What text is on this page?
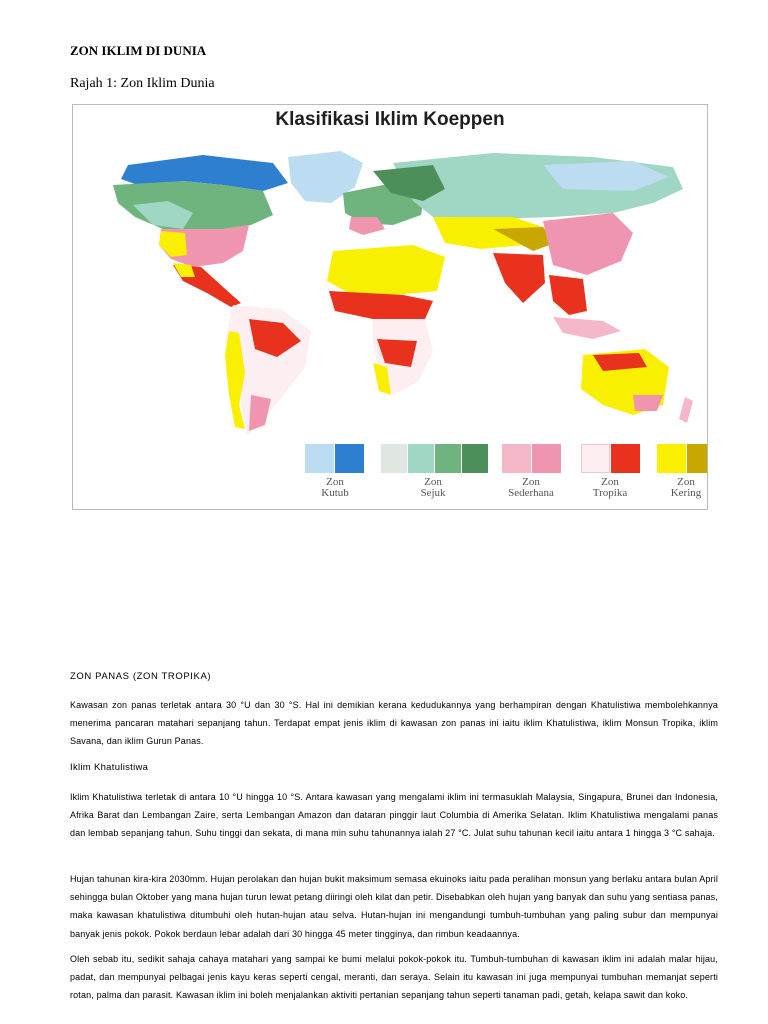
ZON IKLIM DI DUNIA
Rajah 1: Zon Iklim Dunia
Klasifikasi Iklim Koeppen
Zon
Kutub
Zon
Sejuk
Zon
Sederhana
Zon
Tropika
Zon
Kering
ZON PANAS (ZON TROPIKA)
Kawasan zon panas terletak antara 30 °U dan 30 °S. Hal ini demikian kerana kedudukannya yang berhampiran dengan Khatulistiwa membolehkannya menerima pancaran matahari sepanjang tahun. Terdapat empat jenis iklim di kawasan zon panas ini iaitu iklim Khatulistiwa, iklim Monsun Tropika, iklim Savana, dan iklim Gurun Panas.
Iklim Khatulistiwa
Iklim Khatulistiwa terletak di antara 10 °U hingga 10 °S. Antara kawasan yang mengalami iklim ini termasuklah Malaysia, Singapura, Brunei dan Indonesia, Afrika Barat dan Lembangan Zaire, serta Lembangan Amazon dan dataran pinggir laut Columbia di Amerika Selatan. Iklim Khatulistiwa mengalami panas dan lembab sepanjang tahun. Suhu tinggi dan sekata, di mana min suhu tahunannya ialah 27 °C. Julat suhu tahunan kecil iaitu antara 1 hingga 3 °C sahaja.
Hujan tahunan kira-kira 2030mm. Hujan perolakan dan hujan bukit maksimum semasa ekuinoks iaitu pada peralihan monsun yang berlaku antara bulan April sehingga bulan Oktober yang mana hujan turun lewat petang diiringi oleh kilat dan petir. Disebabkan oleh hujan yang banyak dan suhu yang sentiasa panas, maka kawasan khatulistiwa ditumbuhi oleh hutan-hujan atau selva. Hutan-hujan ini mengandungi tumbuh-tumbuhan yang paling subur dan mempunyai banyak jenis pokok. Pokok berdaun lebar adalah dari 30 hingga 45 meter tingginya, dan rimbun keadaannya.
Oleh sebab itu, sedikit sahaja cahaya matahari yang sampai ke bumi melalui pokok-pokok itu. Tumbuh-tumbuhan di kawasan iklim ini adalah malar hijau, padat, dan mempunyai pelbagai jenis kayu keras seperti cengal, meranti, dan seraya. Selain itu kawasan ini juga mempunyai tumbuhan memanjat seperti rotan, palma dan parasit. Kawasan iklim ini boleh menjalankan aktiviti pertanian sepanjang tahun seperti tanaman padi, getah, kelapa sawit dan koko.
